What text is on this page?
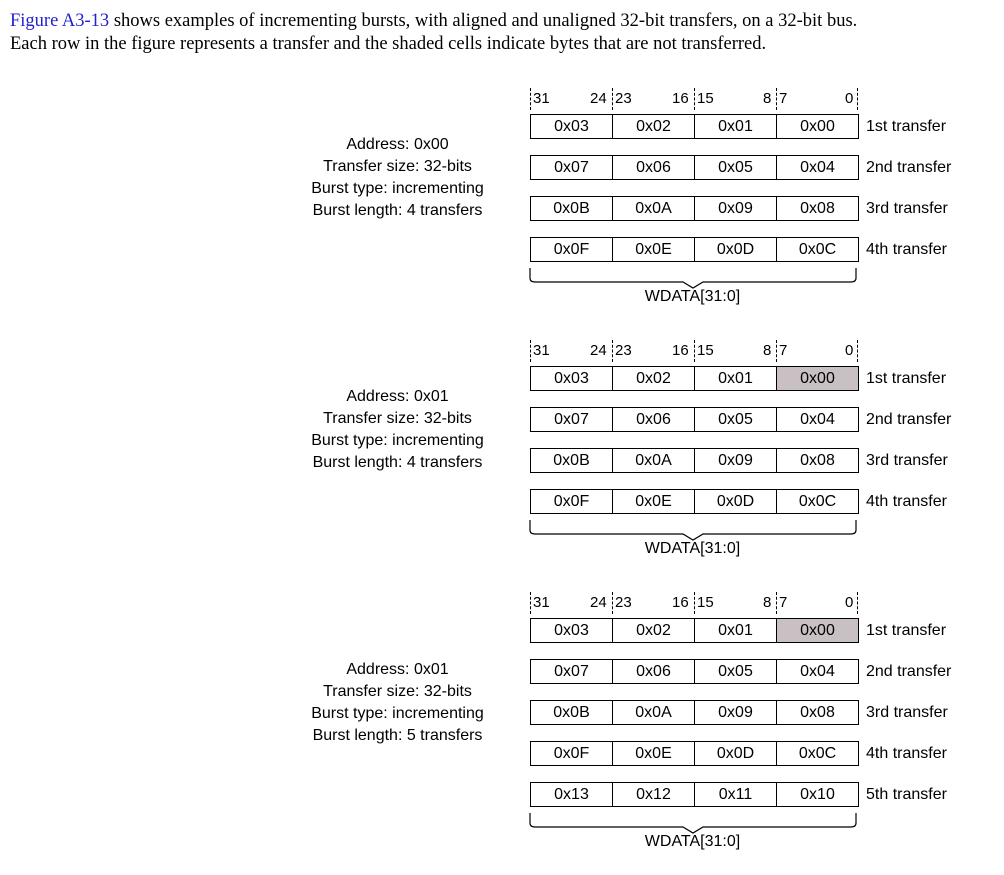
Figure A3-13 shows examples of incrementing bursts, with aligned and unaligned 32-bit transfers, on a 32-bit bus.
Each row in the figure represents a transfer and the shaded cells indicate bytes that are not transferred.
31	24 23	16 15	8 7	0
0x03	0x02	0x01	0x00	1st transfer
0x07	0x06	0x05	0x04	2nd transfer
0x0B	0x0A	0x09	0x08	3rd transfer
0x0F	0x0E	0x0D	0x0C	4th transfer
Address: 0x00
Transfer size: 32-bits
Burst type: incrementing
Burst length: 4 transfers
WDATA[31:0]
31	24 23	16 15	8 7	0
0x03	0x02	0x01	0x00	1st transfer
0x07	0x06	0x05	0x04	2nd transfer
0x0B	0x0A	0x09	0x08	3rd transfer
0x0F	0x0E	0x0D	0x0C	4th transfer
Address: 0x01
Transfer size: 32-bits
Burst type: incrementing
Burst length: 4 transfers
WDATA[31:0]
31	24 23	16 15	8 7	0
0x03	0x02	0x01	0x00	1st transfer
0x07	0x06	0x05	0x04	2nd transfer
0x0B	0x0A	0x09	0x08	3rd transfer
0x0F	0x0E	0x0D	0x0C	4th transfer
0x13	0x12	0x11	0x10	5th transfer
Address: 0x01
Transfer size: 32-bits
Burst type: incrementing
Burst length: 5 transfers
WDATA[31:0]
